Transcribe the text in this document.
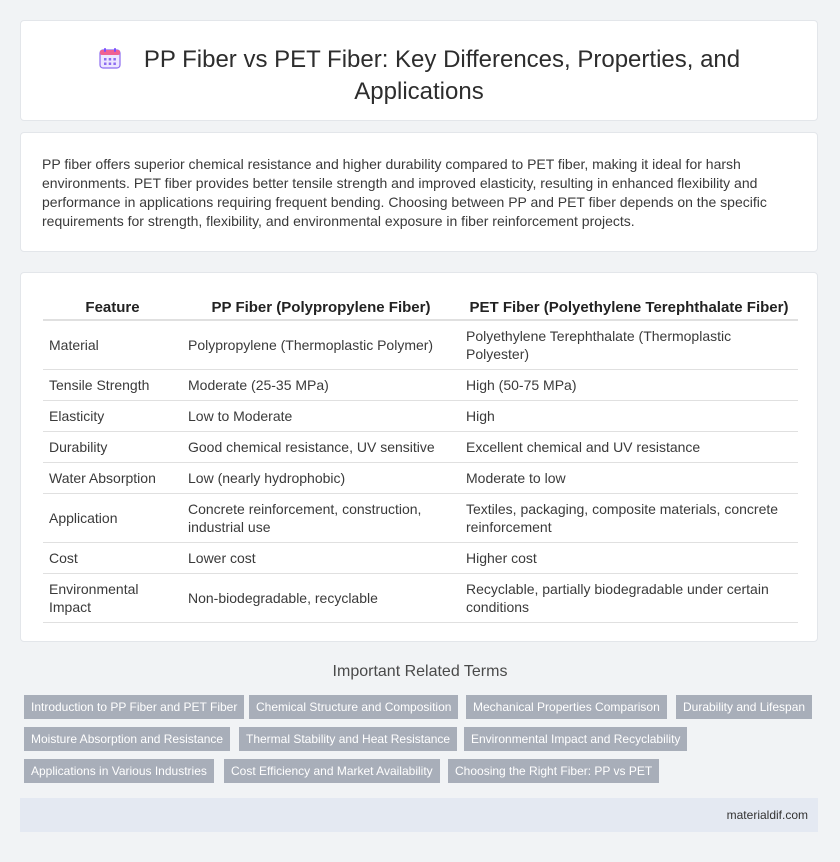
PP Fiber vs PET Fiber: Key Differences, Properties, and
Applications

PP fiber offers superior chemical resistance and higher durability compared to PET fiber, making it ideal for harsh environments. PET fiber provides better tensile strength and improved elasticity, resulting in enhanced flexibility and performance in applications requiring frequent bending. Choosing between PP and PET fiber depends on the specific requirements for strength, flexibility, and environmental exposure in fiber reinforcement projects.

Feature	PP Fiber (Polypropylene Fiber)	PET Fiber (Polyethylene Terephthalate Fiber)
Material	Polypropylene (Thermoplastic Polymer)	Polyethylene Terephthalate (Thermoplastic Polyester)
Tensile Strength	Moderate (25-35 MPa)	High (50-75 MPa)
Elasticity	Low to Moderate	High
Durability	Good chemical resistance, UV sensitive	Excellent chemical and UV resistance
Water Absorption	Low (nearly hydrophobic)	Moderate to low
Application	Concrete reinforcement, construction, industrial use	Textiles, packaging, composite materials, concrete reinforcement
Cost	Lower cost	Higher cost
Environmental Impact	Non-biodegradable, recyclable	Recyclable, partially biodegradable under certain conditions
Important Related Terms
Introduction to PP Fiber and PET Fiber	Chemical Structure and Composition	Mechanical Properties Comparison	Durability and Lifespan
Moisture Absorption and Resistance	Thermal Stability and Heat Resistance	Environmental Impact and Recyclability
Applications in Various Industries	Cost Efficiency and Market Availability	Choosing the Right Fiber: PP vs PET
materialdif.com
